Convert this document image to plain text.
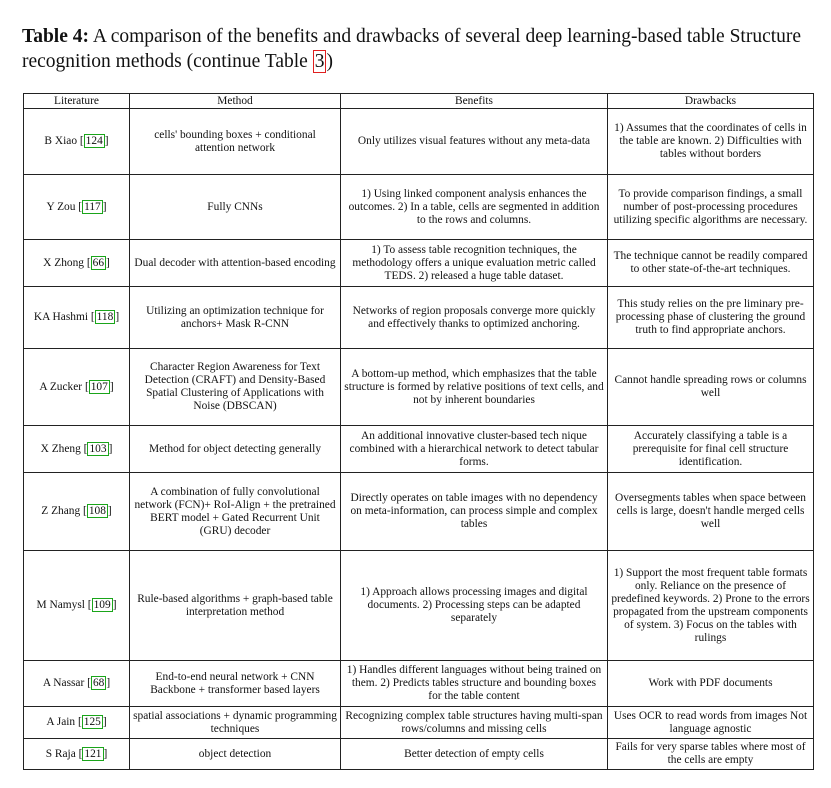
Table 4: A comparison of the benefits and drawbacks of several deep learning-based table Structure recognition methods (continue Table 3 )
Literature	Method	Benefits	Drawbacks
B Xiao [ 124 ]	cells' bounding boxes + conditional attention network	Only utilizes visual features without any meta-data	1) Assumes that the coordinates of cells in the table are known. 2) Difficulties with tables without borders
Y Zou [ 117 ]	Fully CNNs	1) Using linked component analysis enhances the outcomes. 2) In a table, cells are segmented in addition to the rows and columns.	To provide comparison findings, a small number of post-processing procedures utilizing specific algorithms are necessary.
X Zhong [ 66 ]	Dual decoder with attention-based encoding	1) To assess table recognition techniques, the methodology offers a unique evaluation metric called TEDS. 2) released a huge table dataset.	The technique cannot be readily compared to other state-of-the-art techniques.
KA Hashmi [ 118 ]	Utilizing an optimization technique for anchors+ Mask R-CNN	Networks of region proposals converge more quickly and effectively thanks to optimized anchoring.	This study relies on the pre liminary pre-processing phase of clustering the ground truth to find appropriate anchors.
A Zucker [ 107 ]	Character Region Awareness for Text Detection (CRAFT) and Density-Based Spatial Clustering of Applications with Noise (DBSCAN)	A bottom-up method, which emphasizes that the table structure is formed by relative positions of text cells, and not by inherent boundaries	Cannot handle spreading rows or columns well
X Zheng [ 103 ]	Method for object detecting generally	An additional innovative cluster-based tech nique combined with a hierarchical network to detect tabular forms.	Accurately classifying a table is a prerequisite for final cell structure identification.
Z Zhang [ 108 ]	A combination of fully convolutional network (FCN)+ RoI-Align + the pretrained BERT model + Gated Recurrent Unit (GRU) decoder	Directly operates on table images with no dependency on meta-information, can process simple and complex tables	Oversegments tables when space between cells is large, doesn't handle merged cells well
M Namysl [ 109 ]	Rule-based algorithms + graph-based table interpretation method	1) Approach allows processing images and digital documents. 2) Processing steps can be adapted separately	1) Support the most frequent table formats only. Reliance on the presence of predefined keywords. 2) Prone to the errors propagated from the upstream components of system. 3) Focus on the tables with rulings
A Nassar [ 68 ]	End-to-end neural network + CNN Backbone + transformer based layers	1) Handles different languages without being trained on them. 2) Predicts tables structure and bounding boxes for the table content	Work with PDF documents
A Jain [ 125 ]	spatial associations + dynamic programming techniques	Recognizing complex table structures having multi-span rows/columns and missing cells	Uses OCR to read words from images Not language agnostic
S Raja [ 121 ]	object detection	Better detection of empty cells	Fails for very sparse tables where most of the cells are empty
